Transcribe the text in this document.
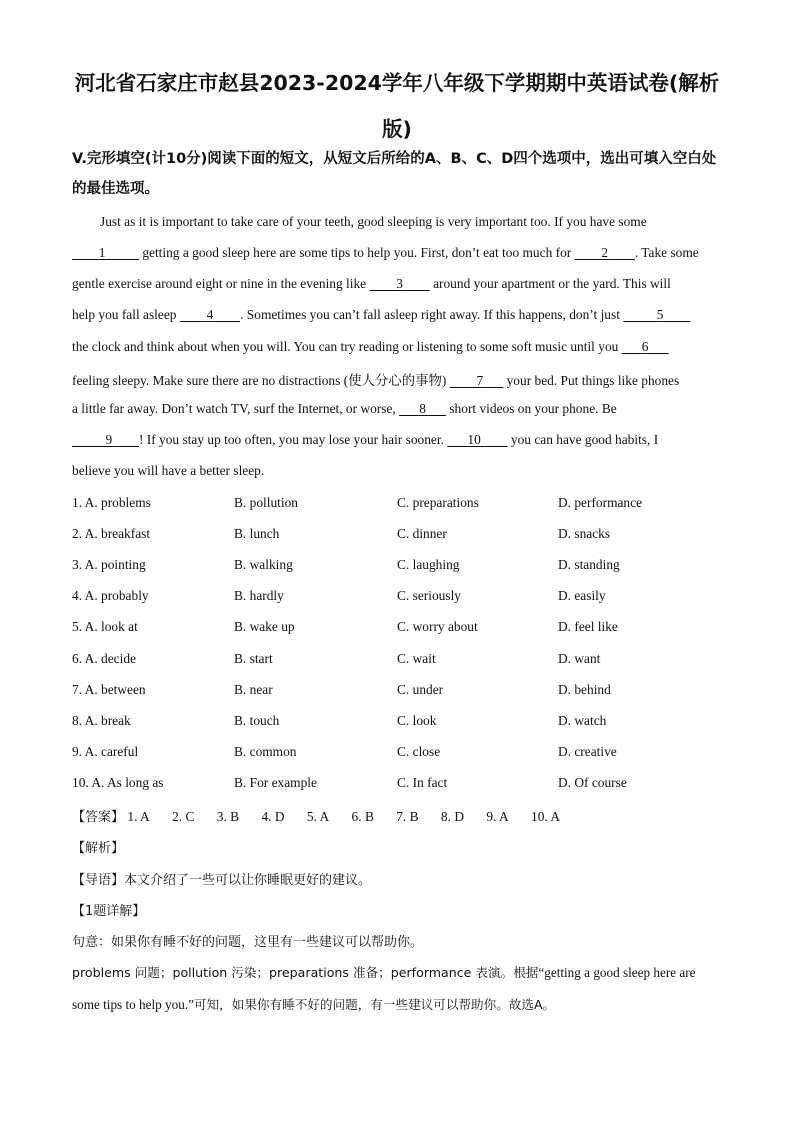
河北省石家庄市赵县2023-2024学年八年级下学期期中英语试卷(解析
版)
V.完形填空(计10分)阅读下面的短文，从短文后所给的A、B、C、D四个选项中，选出可填入空白处的最佳选项。
Just as it is important to take care of your teeth, good sleeping is very important too. If you have some
    1      getting a good sleep here are some tips to help you. First, don’t eat too much for     2     . Take some
gentle exercise around eight or nine in the evening like     3     around your apartment or the yard. This will
help you fall asleep     4     . Sometimes you can’t fall asleep right away. If this happens, don’t just      5    
the clock and think about when you will. You can try reading or listening to some soft music until you    6   
feeling sleepy. Make sure there are no distractions (使人分心的事物)     7    your bed. Put things like phones
a little far away. Don’t watch TV, surf the Internet, or worse,    8    short videos on your phone. Be
     9     ! If you stay up too often, you may lose your hair sooner.    10     you can have good habits, I
believe you will have a better sleep.
1. A. problems	B. pollution	C. preparations	D. performance
2. A. breakfast	B. lunch	C. dinner	D. snacks
3. A. pointing	B. walking	C. laughing	D. standing
4. A. probably	B. hardly	C. seriously	D. easily
5. A. look at	B. wake up	C. worry about	D. feel like
6. A. decide	B. start	C. wait	D. want
7. A. between	B. near	C. under	D. behind
8. A. break	B. touch	C. look	D. watch
9. A. careful	B. common	C. close	D. creative
10. A. As long as	B. For example	C. In fact	D. Of course
【答案】 1. A 2. C 3. B 4. D 5. A 6. B 7. B 8. D 9. A 10. A
【解析】
【导语】本文介绍了一些可以让你睡眠更好的建议。
【1题详解】
句意：如果你有睡不好的问题，这里有一些建议可以帮助你。
problems 问题；pollution 污染；preparations 准备；performance 表演。根据“getting a good sleep here are
some tips to help you.”可知，如果你有睡不好的问题，有一些建议可以帮助你。故选A。
